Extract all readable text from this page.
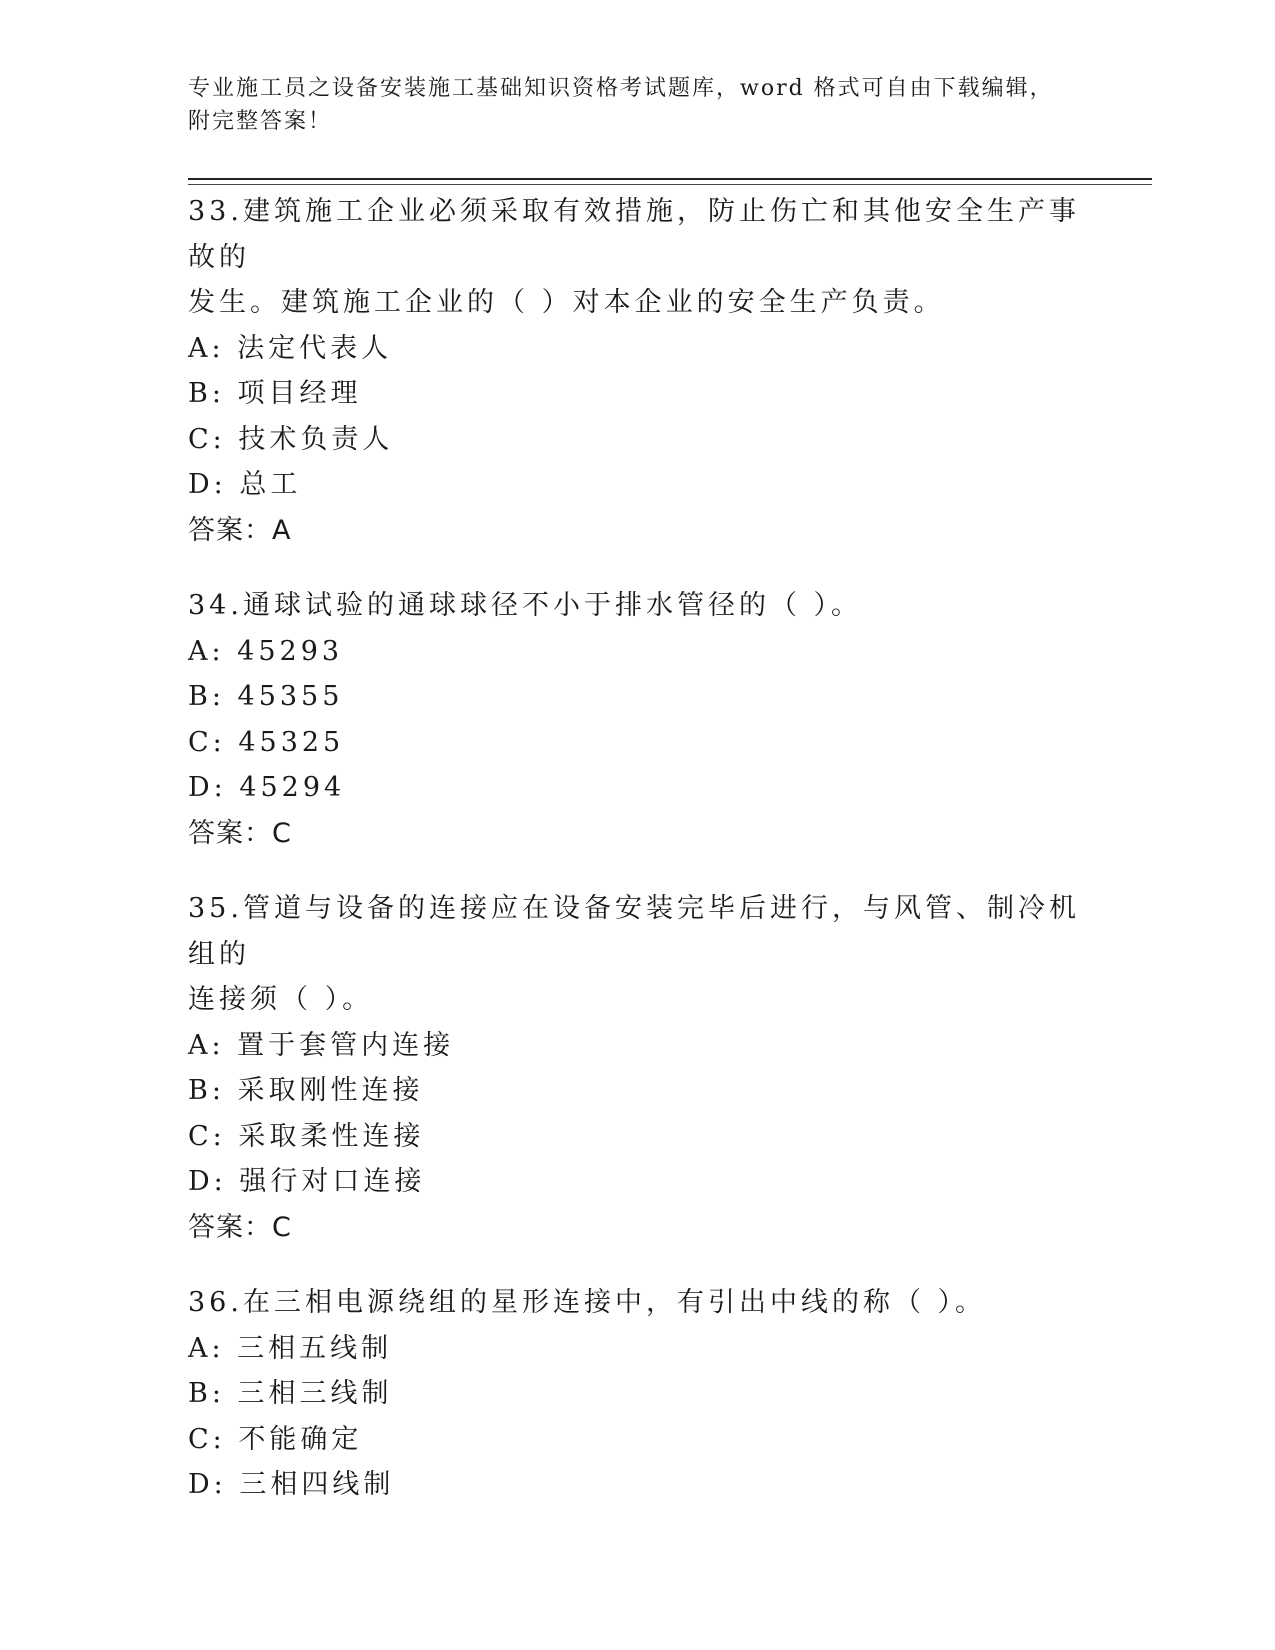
专业施工员之设备安装施工基础知识资格考试题库，word 格式可自由下载编辑，
附完整答案！

33.建筑施工企业必须采取有效措施，防止伤亡和其他安全生产事故的

发生。建筑施工企业的（ ）对本企业的安全生产负责。

A: 法定代表人

B: 项目经理

C: 技术负责人

D: 总工

答案：A

34.通球试验的通球球径不小于排水管径的（ ）。

A: 45293

B: 45355

C: 45325

D: 45294

答案：C

35.管道与设备的连接应在设备安装完毕后进行，与风管、制冷机组的

连接须（ ）。

A: 置于套管内连接

B: 采取刚性连接

C: 采取柔性连接

D: 强行对口连接

答案：C

36.在三相电源绕组的星形连接中，有引出中线的称（ ）。

A: 三相五线制

B: 三相三线制

C: 不能确定

D: 三相四线制
